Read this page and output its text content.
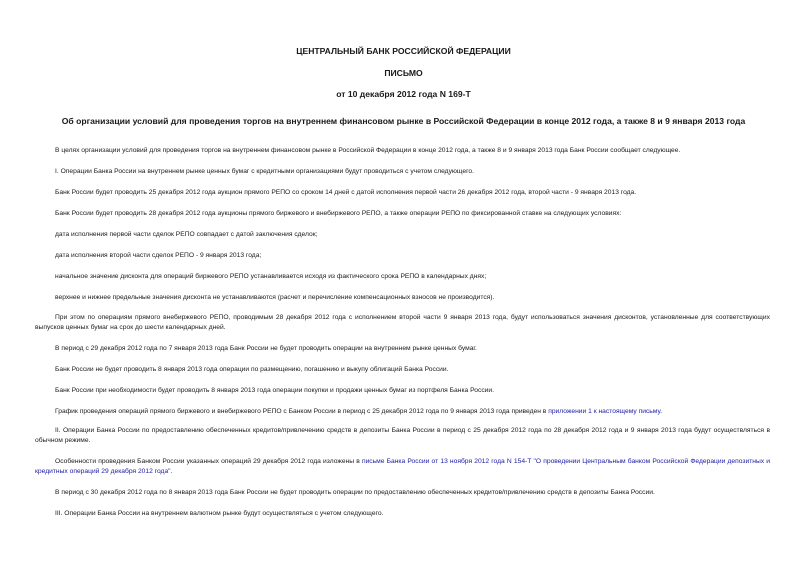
ЦЕНТРАЛЬНЫЙ БАНК РОССИЙСКОЙ ФЕДЕРАЦИИ
ПИСЬМО
от 10 декабря 2012 года N 169-Т
Об организации условий для проведения торгов на внутреннем финансовом рынке в Российской Федерации в конце 2012 года, а также 8 и 9 января 2013 года
В целях организации условий для проведения торгов на внутреннем финансовом рынке в Российской Федерации в конце 2012 года, а также 8 и 9 января 2013 года Банк России сообщает следующее.
I. Операции Банка России на внутреннем рынке ценных бумаг с кредитными организациями будут проводиться с учетом следующего.
Банк России будет проводить 25 декабря 2012 года аукцион прямого РЕПО со сроком 14 дней с датой исполнения первой части 26 декабря 2012 года, второй части - 9 января 2013 года.
Банк России будет проводить 28 декабря 2012 года аукционы прямого биржевого и внебиржевого РЕПО, а также операции РЕПО по фиксированной ставке на следующих условиях:
дата исполнения первой части сделок РЕПО совпадает с датой заключения сделок;
дата исполнения второй части сделок РЕПО - 9 января 2013 года;
начальное значение дисконта для операций биржевого РЕПО устанавливается исходя из фактического срока РЕПО в календарных днях;
верхнее и нижнее предельные значения дисконта не устанавливаются (расчет и перечисление компенсационных взносов не производится).
При этом по операциям прямого внебиржевого РЕПО, проводимым 28 декабря 2012 года с исполнением второй части 9 января 2013 года, будут использоваться значения дисконтов, установленные для соответствующих выпусков ценных бумаг на срок до шести календарных дней.
В период с 29 декабря 2012 года по 7 января 2013 года Банк России не будет проводить операции на внутреннем рынке ценных бумаг.
Банк России не будет проводить 8 января 2013 года операции по размещению, погашению и выкупу облигаций Банка России.
Банк России при необходимости будет проводить 8 января 2013 года операции покупки и продажи ценных бумаг из портфеля Банка России.
График проведения операций прямого биржевого и внебиржевого РЕПО с Банком России в период с 25 декабря 2012 года по 9 января 2013 года приведен в приложении 1 к настоящему письму.
II. Операции Банка России по предоставлению обеспеченных кредитов/привлечению средств в депозиты Банка России в период с 25 декабря 2012 года по 28 декабря 2012 года и 9 января 2013 года будут осуществляться в обычном режиме.
Особенности проведения Банком России указанных операций 29 декабря 2012 года изложены в письме Банка России от 13 ноября 2012 года N 154-Т "О проведении Центральным банком Российской Федерации депозитных и кредитных операций 29 декабря 2012 года".
В период с 30 декабря 2012 года по 8 января 2013 года Банк России не будет проводить операции по предоставлению обеспеченных кредитов/привлечению средств в депозиты Банка России.
III. Операции Банка России на внутреннем валютном рынке будут осуществляться с учетом следующего.
